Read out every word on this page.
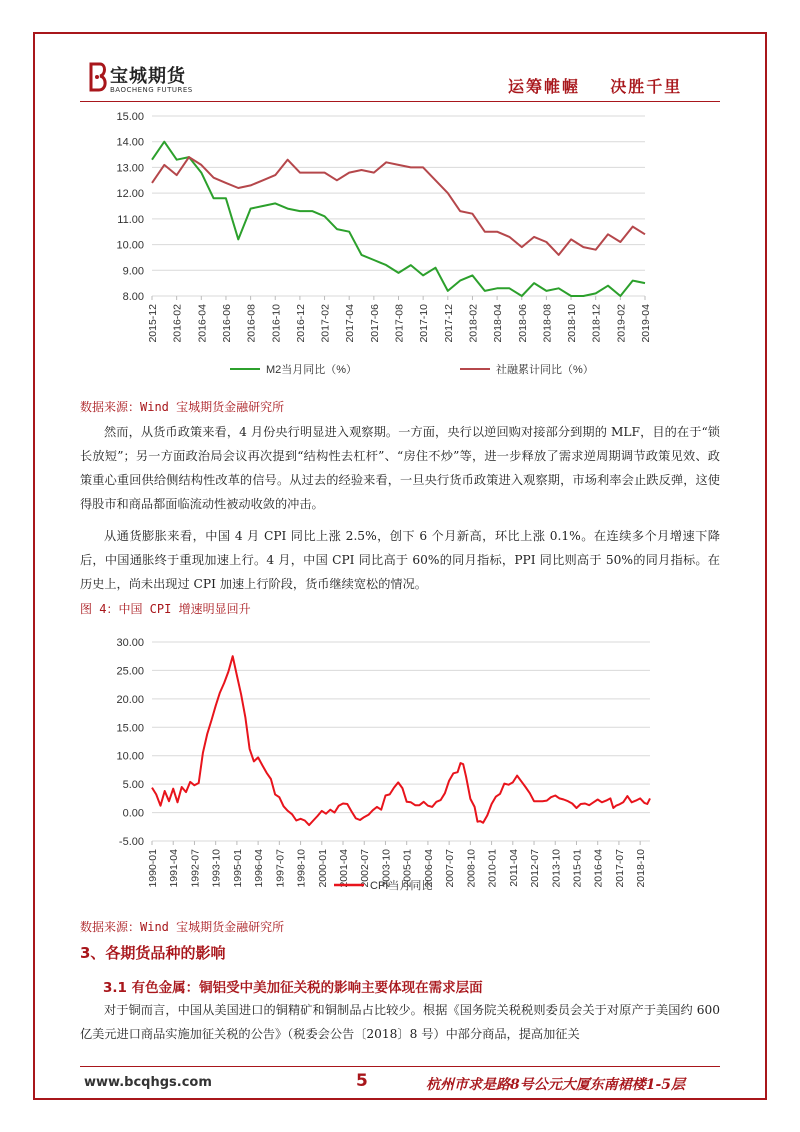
宝城期货
BAOCHENG FUTURES	运筹帷幄    决胜千里
15.00
14.00
13.00
12.00
11.00
10.00
9.00
8.00
2015-12 2016-02 2016-04 2016-06 2016-08 2016-10 2016-12 2017-02 2017-04 2017-06 2017-08 2017-10 2017-12 2018-02 2018-04 2018-06 2018-08 2018-10 2018-12 2019-02 2019-04
M2当月同比（%）	社融累计同比（%）
数据来源：Wind 宝城期货金融研究所
然而，从货币政策来看，4 月份央行明显进入观察期。一方面，央行以逆回购对接部分到期的 MLF，目的在于“锁长放短”；另一方面政治局会议再次提到“结构性去杠杆”、“房住不炒”等，进一步释放了需求逆周期调节政策见效、政策重心重回供给侧结构性改革的信号。从过去的经验来看，一旦央行货币政策进入观察期，市场利率会止跌反弹，这使得股市和商品都面临流动性被动收敛的冲击。
从通货膨胀来看，中国 4 月 CPI 同比上涨 2.5%，创下 6 个月新高，环比上涨 0.1%。在连续多个月增速下降后，中国通胀终于重现加速上行。4 月，中国 CPI 同比高于 60%的同月指标，PPI 同比则高于 50%的同月指标。在历史上，尚未出现过 CPI 加速上行阶段，货币继续宽松的情况。
图 4：中国 CPI 增速明显回升
30.00
25.00
20.00
15.00
10.00
5.00
0.00
-5.00
1990-01 1991-04 1992-07 1993-10 1995-01 1996-04 1997-07 1998-10 2000-01 2001-04 2002-07 2003-10 2005-01 2006-04 2007-07 2008-10 2010-01 2011-04 2012-07 2013-10 2015-01 2016-04 2017-07 2018-10
CPI当月同比
数据来源：Wind 宝城期货金融研究所
3、各期货品种的影响
3.1 有色金属：铜铝受中美加征关税的影响主要体现在需求层面
对于铜而言，中国从美国进口的铜精矿和铜制品占比较少。根据《国务院关税税则委员会关于对原产于美国约 600 亿美元进口商品实施加征关税的公告》（税委会公告〔2018〕8 号）中部分商品，提高加征关
www.bcqhgs.com	5	杭州市求是路8号公元大厦东南裙楼1-5层
